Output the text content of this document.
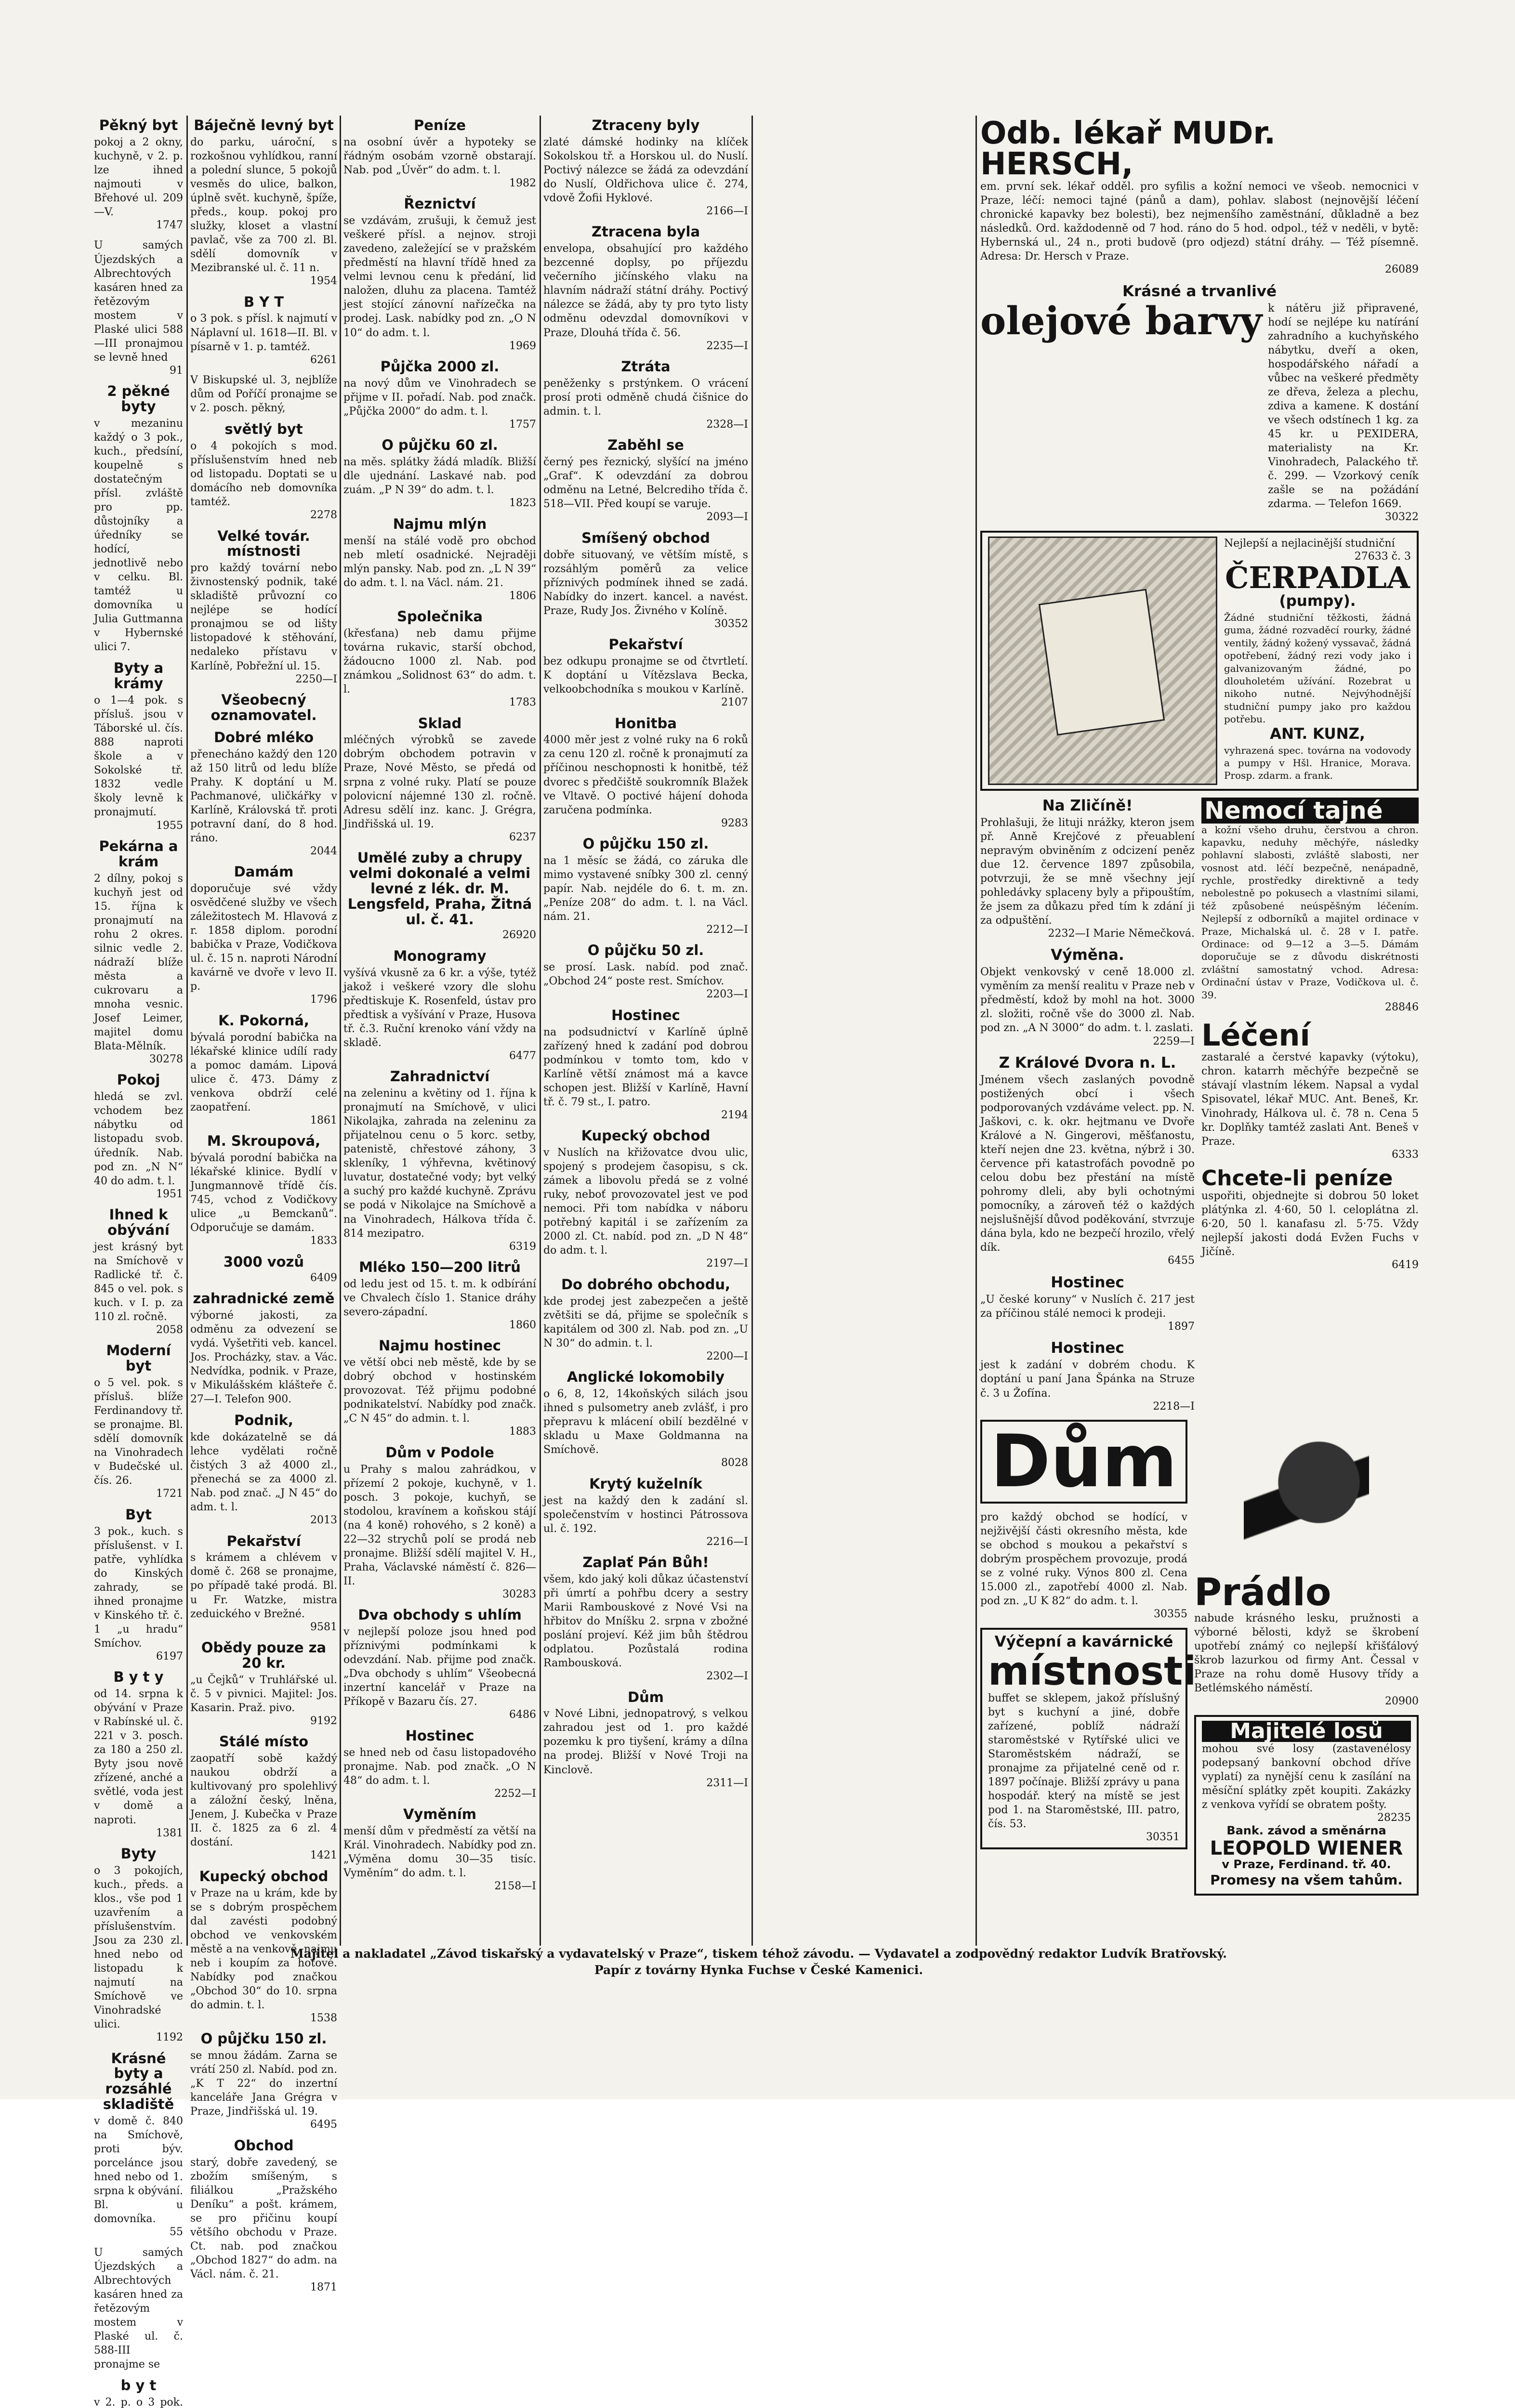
Pěkný byt

pokoj a 2 okny, kuchyně, v 2. p. lze ihned najmouti v Břehové ul. 209—V.

1747

U samých Újezdských a Albrechtových kasáren hned za řetězovým mostem v Plaské ulici 588—III pronajmou se levně hned

91
2 pěkné byty

v mezaninu každý o 3 pok., kuch., předsíní, koupelně s dostatečným přísl. zvláště pro pp. důstojníky a úředníky se hodící, jednotlivě nebo v celku. Bl. tamtéž u domovníka u Julia Guttmanna v Hybernské ulici 7.

Byty a krámy

o 1—4 pok. s přísluš. jsou v Táborské ul. čís. 888 naproti škole a v Sokolské tř. 1832 vedle školy levně k pronajmutí.

1955
Pekárna a krám

2 dílny, pokoj s kuchyň jest od 15. října k pronajmutí na rohu 2 okres. silnic vedle 2. nádraží blíže města a cukrovaru a mnoha vesnic. Josef Leimer, majitel domu Blata-Mělník.

30278
Pokoj

hledá se zvl. vchodem bez nábytku od listopadu svob. úředník. Nab. pod zn. „N N“ 40 do adm. t. l.

1951
Ihned k obývání

jest krásný byt na Smíchově v Radlické tř. č. 845 o vel. pok. s kuch. v I. p. za 110 zl. ročně.

2058
Moderní byt

o 5 vel. pok. s přísluš. blíže Ferdinandovy tř. se pronajme. Bl. sdělí domovník na Vinohradech v Budečské ul. čís. 26.

1721
Byt

3 pok., kuch. s příslušenst. v I. patře, vyhlídka do Kinských zahrady, se ihned pronajme v Kinského tř. č. 1 „u hradu“ Smíchov.

6197
B y t y

od 14. srpna k obývání v Praze v Rabínské ul. č. 221 v 3. posch. za 180 a 250 zl. Byty jsou nově zřízené, anché a světlé, voda jest v domě a naproti.

1381
Byty

o 3 pokojích, kuch., předs. a klos., vše pod 1 uzavřením a příslušenstvím. Jsou za 230 zl. hned nebo od listopadu k najmutí na Smíchově ve Vinohradské ulici.

1192
Krásné byty a rozsáhlé skladiště

v domě č. 840 na Smíchově, proti býv. porcelánce jsou hned nebo od 1. srpna k obývání. Bl. u domovníka.

55

U samých Újezdských a Albrechtových kasáren hned za řetězovým mostem v Plaské ul. č. 588-III pronajme se

b y t

v 2. p. o 3 pok.

Báječně levný byt

do parku, uároční, s rozkošnou vyhlídkou, ranní a polední slunce, 5 pokojů vesměs do ulice, balkon, úplně svět. kuchyně, špíže, předs., koup. pokoj pro služky, kloset a vlastní pavlač, vše za 700 zl. Bl. sdělí domovník v Mezibranské ul. č. 11 n.

1954
B Y T

o 3 pok. s přísl. k najmutí v Náplavní ul. 1618—II. Bl. v písarně v 1. p. tamtéž.

6261

V Biskupské ul. 3, nejblíže dům od Poříčí pronajme se v 2. posch. pěkný,

světlý byt

o 4 pokojích s mod. příslušenstvím hned neb od listopadu. Doptati se u domácího neb domovníka tamtéž.

2278
Velké továr. místnosti

pro každý tovární nebo živnostenský podnik, také skladiště průvozní co nejlépe se hodící pronajmou se od lišty listopadové k stěhování, nedaleko přístavu v Karlíně, Pobřežní ul. 15.

2250—I
Všeobecný oznamovatel.

Dobré mléko

přenecháno každý den 120 až 150 litrů od ledu blíže Prahy. K doptání u M. Pachmanové, uličkářky v Karlíně, Královská tř. proti potravní daní, do 8 hod. ráno.

2044
Damám

doporučuje své vždy osvědčené služby ve všech záležitostech M. Hlavová z r. 1858 diplom. porodní babička v Praze, Vodičkova ul. č. 15 n. naproti Národní kavárně ve dvoře v levo II. p.

1796
K. Pokorná,

bývalá porodní babička na lékařské klinice udílí rady a pomoc damám. Lipová ulice č. 473. Dámy z venkova obdrží celé zaopatření.

1861
M. Skroupová,

bývalá porodní babička na lékařské klinice. Bydlí v Jungmannově třídě čís. 745, vchod z Vodičkovy ulice „u Bemckanů“. Odporučuje se damám.

1833
3000 vozů

6409
zahradnické země

výborné jakosti, za odměnu za odvezení se vydá. Vyšetřiti veb. kancel. Jos. Procházky, stav. a Vác. Nedvídka, podnik. v Praze, v Mikulášském klášteře č. 27—I. Telefon 900.

Podnik,

kde dokázatelně se dá lehce vydělati ročně čistých 3 až 4000 zl., přenechá se za 4000 zl. Nab. pod znač. „J N 45“ do adm. t. l.

2013
Pekařství

s krámem a chlévem v domě č. 268 se pronajme, po případě také prodá. Bl. u Fr. Watzke, mistra zeduického v Brežné.

9581
Obědy pouze za 20 kr.

„u Čejků“ v Truhlářské ul. č. 5 v pivnici. Majitel: Jos. Kasarin. Praž. pivo.

9192
Stálé místo

zaopatří sobě každý naukou obdrží a kultivovaný pro spolehlivý a záložní český, lněna, Jenem, J. Kubečka v Praze II. č. 1825 za 6 zl. 4 dostání.

1421
Kupecký obchod

v Praze na u krám, kde by se s dobrým prospěchem dal zavésti podobný obchod ve venkovském městě a na venkově, najmu neb i koupím za hotové. Nabídky pod značkou „Obchod 30“ do 10. srpna do admin. t. l.

1538
O půjčku 150 zl.

se mnou žádám. Zarna se vrátí 250 zl. Nabíd. pod zn. „K T 22“ do inzertní kanceláře Jana Grégra v Praze, Jindřišská ul. 19.

6495
Obchod

starý, dobře zavedený, se zbožím smíšeným, s filiálkou „Pražského Deníku“ a pošt. krámem, se pro přičinu koupí většího obchodu v Praze. Ct. nab. pod značkou „Obchod 1827“ do adm. na Václ. nám. č. 21.

1871
Peníze

na osobní úvěr a hypoteky se řádným osobám vzorně obstarají. Nab. pod „Úvěr“ do adm. t. l.

1982
Řeznictví

se vzdávám, zrušuji, k čemuž jest veškeré přísl. a nejnov. stroji zavedeno, zaležející se v pražském předměstí na hlavní třídě hned za velmi levnou cenu k předání, lid naložen, dluhu za placena. Tamtéž jest stojící zánovní nařízečka na prodej. Lask. nabídky pod zn. „O N 10“ do adm. t. l.

1969
Půjčka 2000 zl.

na nový dům ve Vinohradech se přijme v II. pořadí. Nab. pod značk. „Půjčka 2000“ do adm. t. l.

1757
O půjčku 60 zl.

na měs. splátky žádá mladík. Bližší dle ujednání. Laskavé nab. pod zuám. „P N 39“ do adm. t. l.

1823
Najmu mlýn

menší na stálé vodě pro obchod neb mletí osadnické. Nejraději mlýn pansky. Nab. pod zn. „L N 39“ do adm. t. l. na Václ. nám. 21.

1806
Společnika

(křesťana) neb damu přijme továrna rukavic, starší obchod, žádoucno 1000 zl. Nab. pod známkou „Solidnost 63“ do adm. t. l.

1783
Sklad

mléčných výrobků se zavede dobrým obchodem potravin v Praze, Nové Město, se předá od srpna z volné ruky. Platí se pouze polovicní nájemné 130 zl. ročně. Adresu sdělí inz. kanc. J. Grégra, Jindřišská ul. 19.

6237
Umělé zuby a chrupy velmi dokonalé a velmi levné z lék. dr. M. Lengsfeld, Praha, Žitná ul. č. 41.

26920
Monogramy

vyšívá vkusně za 6 kr. a výše, tytéž jakož i veškeré vzory dle slohu předtiskuje K. Rosenfeld, ústav pro předtisk a vyšívání v Praze, Husova tř. č.3. Ruční krenoko vání vždy na skladě.

6477
Zahradnictví

na zeleninu a květiny od 1. října k pronajmutí na Smíchově, v ulici Nikolajka, zahrada na zeleninu za přijatelnou cenu o 5 korc. setby, patenistě, chřestové záhony, 3 skleníky, 1 výhřevna, květinový luvatur, dostatečné vody; byt velký a suchý pro každé kuchyně. Zprávu se podá v Nikolajce na Smíchově a na Vinohradech, Hálkova třída č. 814 mezipatro.

6319
Mléko 150—200 litrů

od ledu jest od 15. t. m. k odbírání ve Chvalech číslo 1. Stanice dráhy severo-západní.

1860
Najmu hostinec

ve větší obci neb městě, kde by se dobrý obchod v hostinském provozovat. Též přijmu podobné podnikatelství. Nabídky pod značk. „C N 45“ do admin. t. l.

1883
Dům v Podole

u Prahy s malou zahrádkou, v přízemí 2 pokoje, kuchyně, v 1. posch. 3 pokoje, kuchyň, se stodolou, kravínem a koňskou stájí (na 4 koně) rohového, s 2 koně) a 22—32 strychů polí se prodá neb pronajme. Bližší sdělí majitel V. H., Praha, Václavské náměstí č. 826—II.

30283
Dva obchody s uhlím

v nejlepší poloze jsou hned pod příznivými podmínkami k odevzdání. Nab. přijme pod značk. „Dva obchody s uhlím“ Všeobecná inzertní kancelář v Praze na Příkopě v Bazaru čís. 27.

6486
Hostinec

se hned neb od času listopadového pronajme. Nab. pod značk. „O N 48“ do adm. t. l.

2252—I
Vyměním

menší dům v předměstí za větší na Král. Vinohradech. Nabídky pod zn. „Výměna domu 30—35 tisíc. Vyměním“ do adm. t. l.

2158—I
Ztraceny byly

zlaté dámské hodinky na klíček Sokolskou tř. a Horskou ul. do Nuslí. Poctivý nálezce se žádá za odevzdání do Nuslí, Oldřichova ulice č. 274, vdově Žofii Hyklové.

2166—I
Ztracena byla

envelopa, obsahující pro každého bezcenné doplsy, po příjezdu večerního jičínského vlaku na hlavním nádraží státní dráhy. Poctivý nálezce se žádá, aby ty pro tyto listy odměnu odevzdal domovníkovi v Praze, Dlouhá třída č. 56.

2235—I
Ztráta

peněženky s prstýnkem. O vrácení prosí proti odměně chudá čišnice do admin. t. l.

2328—I
Zaběhl se

černý pes řeznický, slyšící na jméno „Graf“. K odevzdání za dobrou odměnu na Letné, Belcrediho třída č. 518—VII. Před koupí se varuje.

2093—I
Smíšený obchod

dobře situovaný, ve větším místě, s rozsáhlým poměrů za velice příznivých podmínek ihned se zadá. Nabídky do inzert. kancel. a navést. Praze, Rudy Jos. Živného v Kolíně.

30352
Pekařství

bez odkupu pronajme se od čtvrtletí. K doptání u Vítězslava Becka, velkoobchodníka s moukou v Karlíně.

2107
Honitba

4000 měr jest z volné ruky na 6 roků za cenu 120 zl. ročně k pronajmutí za příčinou neschopnosti k honitbě, též dvorec s předčiště soukromník Blažek ve Vltavě. O poctivé hájení dohoda zaručena podmínka.

9283
O půjčku 150 zl.

na 1 měsíc se žádá, co záruka dle mimo vystavené sníbky 300 zl. cenný papír. Nab. nejdéle do 6. t. m. zn. „Peníze 208“ do adm. t. l. na Václ. nám. 21.

2212—I
O půjčku 50 zl.

se prosí. Lask. nabíd. pod znač. „Obchod 24“ poste rest. Smíchov.

2203—I
Hostinec

na podsudnictví v Karlíně úplně zařízený hned k zadání pod dobrou podmínkou v tomto tom, kdo v Karlíně větší známost má a kavce schopen jest. Bližší v Karlíně, Havní tř. č. 79 st., I. patro.

2194
Kupecký obchod

v Nuslích na křižovatce dvou ulic, spojený s prodejem časopisu, s ck. zámek a libovolu předá se z volné ruky, neboť provozovatel jest ve pod nemoci. Při tom nabídka v náboru potřebný kapitál i se zařízením za 2000 zl. Ct. nabíd. pod zn. „D N 48“ do adm. t. l.

2197—I
Do dobrého obchodu,

kde prodej jest zabezpečen a ještě zvětšiti se dá, přijme se společník s kapitálem od 300 zl. Nab. pod zn. „U N 30“ do admin. t. l.

2200—I
Anglické lokomobily

o 6, 8, 12, 14koňských silách jsou ihned s pulsometry aneb zvlášť, i pro přepravu k mlácení obilí bezdělné v skladu u Maxe Goldmanna na Smíchově.

8028
Krytý kuželník

jest na každý den k zadání sl. společenstvím v hostinci Pátrossova ul. č. 192.

2216—I
Zaplať Pán Bůh!

všem, kdo jaký koli důkaz účastenství při úmrtí a pohřbu dcery a sestry Marii Rambouskové z Nové Vsi na hřbitov do Mníšku 2. srpna v zbožné poslání projeví. Kéž jim bůh štědrou odplatou. Pozůstalá rodina Rambousková.

2302—I
Dům

v Nové Libni, jednopatrový, s velkou zahradou jest od 1. pro každé pozemku k pro tiyšení, krámy a dílna na prodej. Bližší v Nové Troji na Kinclově.

2311—I
Odb. lékař MUDr. HERSCH,

em. první sek. lékař odděl. pro syfilis a kožní nemoci ve všeob. nemocnici v Praze, léčí: nemoci tajné (pánů a dam), pohlav. slabost (nejnovější léčení chronické kapavky bez bolesti), bez nejmenšího zaměstnání, důkladně a bez následků. Ord. každodenně od 7 hod. ráno do 5 hod. odpol., též v neděli, v bytě: Hybernská ul., 24 n., proti budově (pro odjezd) státní dráhy. — Též písemně. Adresa: Dr. Hersch v Praze.

26089
Krásné a trvanlivé
olejové barvy k nátěru již připravené, hodí se nejlépe ku natírání zahradního a kuchyňského nábytku, dveří a oken, hospodářského nářadí a vůbec na veškeré předměty ze dřeva, železa a plechu, zdiva a kamene. K dostání ve všech odstínech 1 kg. za 45 kr. u PEXIDERA, materialisty na Kr. Vinohradech, Palackého tř. č. 299. — Vzorkový ceník zašle se na požádání zdarma. — Telefon 1669.

30322

Nejlepší a nejlacinější studniční

27633 č. 3
ČERPADLA
(pumpy).

Žádné studniční těžkosti, žádná guma, žádné rozvaděcí rourky, žádné ventily, žádný kožený vyssavač, žádná opotřebení, žádný rezi vody jako i galvanizovaným žádné, po dlouholetém užívání. Rozebrat u nikoho nutné. Nejvýhodnější studniční pumpy jako pro každou potřebu.

ANT. KUNZ,

vyhrazená spec. továrna na vodovody a pumpy v Hšl. Hranice, Morava. Prosp. zdarm. a frank.

Na Zličíně!

Prohlašuji, že lituji nrážky, kteron jsem př. Anně Krejčové z přeuablení nepravým obviněním z odcizení peněz due 12. července 1897 způsobila, potvrzuji, že se mně všechny její pohledávky splaceny byly a připouštím, že jsem za důkazu před tím k zdání ji za odpuštění.

2232—I Marie Němečková.
Výměna.

Objekt venkovský v ceně 18.000 zl. vyměním za menší realitu v Praze neb v předměstí, kdož by mohl na hot. 3000 zl. složiti, ročně vše do 3000 zl. Nab. pod zn. „A N 3000“ do adm. t. l. zaslati.

2259—I
Z Králové Dvora n. L.

Jménem všech zaslaných povodně postižených obcí i všech podporovaných vzdáváme velect. pp. N. Jaškovi, c. k. okr. hejtmanu ve Dvoře Králové a N. Gingerovi, měšťanostu, kteří nejen dne 23. května, nýbrž i 30. července při katastrofách povodně po celou dobu bez přestání na místě pohromy dleli, aby byli ochotnými pomocníky, a zároveň též o každých nejslušnější důvod poděkování, stvrzuje dána byla, kdo ne bezpečí hrozilo, vřelý dík.

6455
Hostinec

„U české koruny“ v Nuslích č. 217 jest za příčinou stálé nemoci k prodeji.

1897
Hostinec

jest k zadání v dobrém chodu. K doptání u paní Jana Špánka na Struze č. 3 u Žofína.

2218—I
Nemocí tajné

a kožní všeho druhu, čerstvou a chron. kapavku, neduhy měchýře, následky pohlavní slabosti, zvláště slabosti, ner vosnost atd. léčí bezpečně, nenápadně, rychle, prostředky direktivně a tedy nebolestně po pokusech a vlastními silami, též způsobené neúspěšným léčením. Nejlepší z odborníků a majitel ordinace v Praze, Michalská ul. č. 28 v I. patře. Ordinace: od 9—12 a 3—5. Dámám doporučuje se z důvodu diskrétnosti zvláštní samostatný vchod. Adresa: Ordinační ústav v Praze, Vodičkova ul. č. 39.

28846
Léčení

zastaralé a čerstvé kapavky (výtoku), chron. katarrh měchýře bezpečně se stávají vlastním lékem. Napsal a vydal Spisovatel, lékař MUC. Ant. Beneš, Kr. Vinohrady, Hálkova ul. č. 78 n. Cena 5 kr. Doplňky tamtéž zaslati Ant. Beneš v Praze.

6333
Chcete-li peníze

uspořiti, objednejte si dobrou 50 loket plátýnka zl. 4·60, 50 l. celoplátna zl. 6·20, 50 l. kanafasu zl. 5·75. Vždy nejlepší jakosti dodá Evžen Fuchs v Jičíně.

6419
Dům

pro každý obchod se hodící, v nejživější části okresního města, kde se obchod s moukou a pekařství s dobrým prospěchem provozuje, prodá se z volné ruky. Výnos 800 zl. Cena 15.000 zl., zapotřebí 4000 zl. Nab. pod zn. „U K 82“ do adm. t. l.

30355
Výčepní a kavárnické
místnosti

buffet se sklepem, jakož příslušný byt s kuchyní a jiné, dobře zařízené, poblíž nádraží staroměstské v Rytířské ulici ve Staroměstském nádraží, se pronajme za přijatelné ceně od r. 1897 počínaje. Bližší zprávy u pana hospodář. který na místě se jest pod 1. na Staroměstské, III. patro, čís. 53.

30351
Prádlo

nabude krásného lesku, pružnosti a výborné bělosti, když se škrobení upotřebí známý co nejlepší křišťálový škrob lazurkou od firmy Ant. Čessal v Praze na rohu domě Husovy třídy a Betlémského náměstí.

20900
Majitelé losů

mohou své losy (zastavenélosy podepsaný bankovní obchod dříve vyplatí) za nynější cenu k zasílání na měsíční splátky zpět koupiti. Zakázky z venkova vyřídí se obratem pošty.

28235
Bank. závod a směnárna
LEOPOLD WIENER
v Praze, Ferdinand. tř. 40.
Promesy na všem tahům.
Majitel a nakladatel „Závod tiskařský a vydavatelský v Praze“, tiskem téhož závodu. — Vydavatel a zodpovědný redaktor Ludvík Bratřovský.
Papír z továrny Hynka Fuchse v České Kamenici.
